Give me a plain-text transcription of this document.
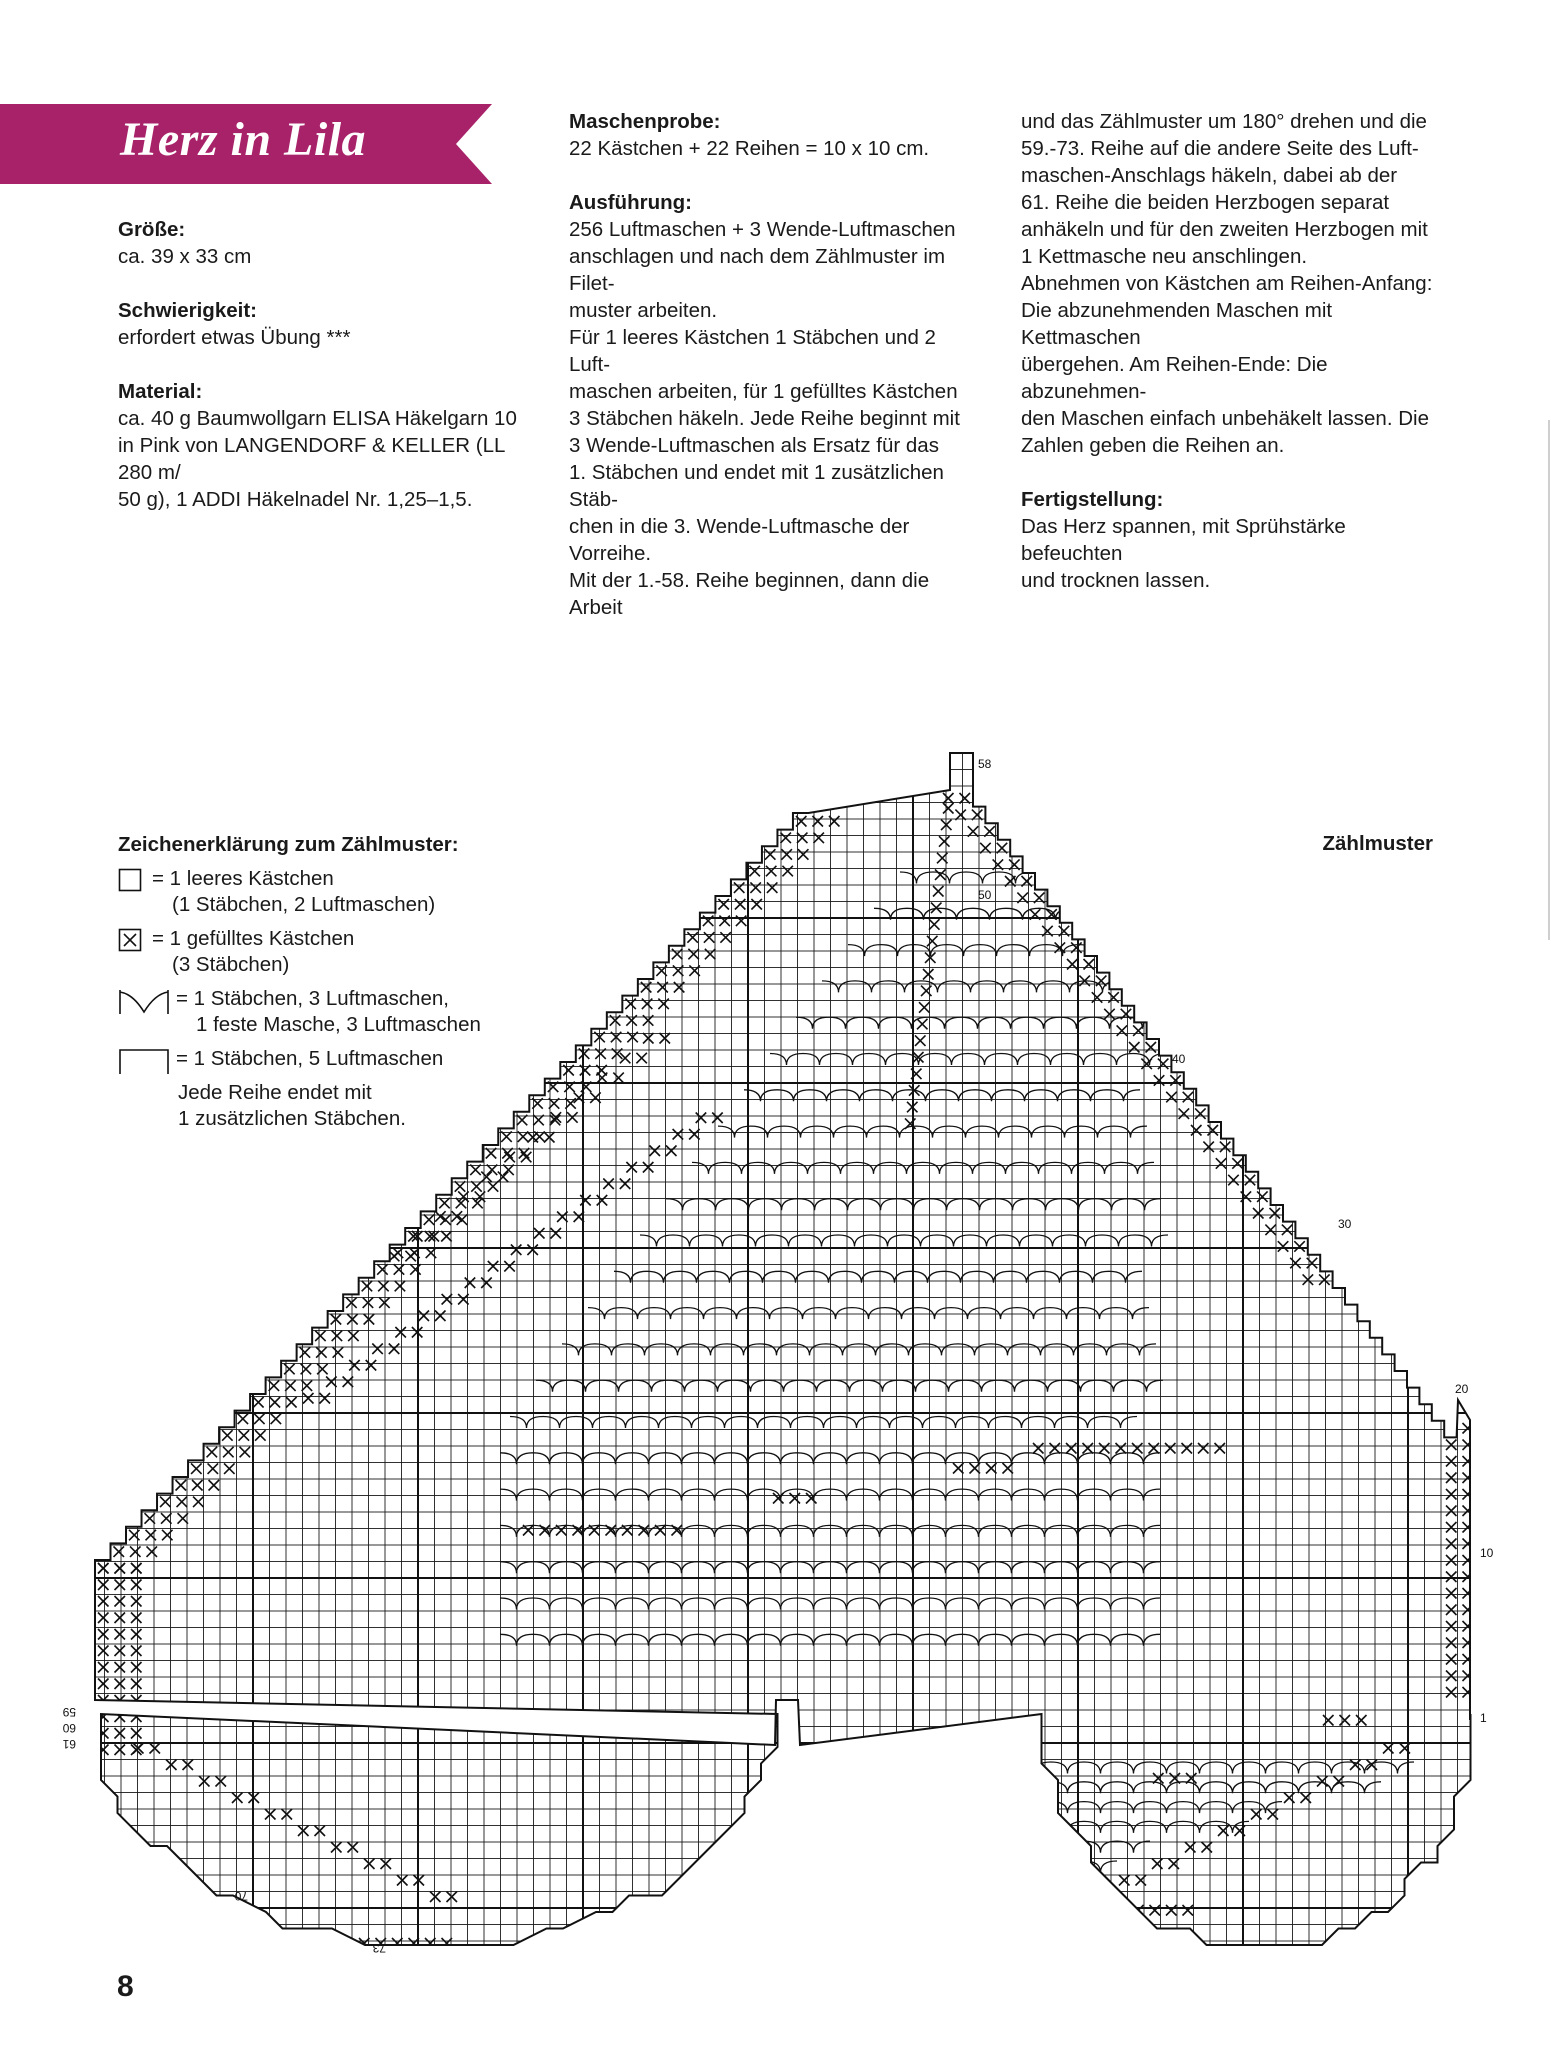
Herz in Lila

Größe:

ca. 39 x 33 cm

Schwierigkeit:

erfordert etwas Übung ***

Material:

ca. 40 g Baumwollgarn ELISA Häkelgarn 10

in Pink von LANGENDORF & KELLER (LL 280 m/

50 g), 1 ADDI Häkelnadel Nr. 1,25–1,5.

Maschenprobe:

22 Kästchen + 22 Reihen = 10 x 10 cm.

Ausführung:

256 Luftmaschen + 3 Wende-Luftmaschen

anschlagen und nach dem Zählmuster im Filet-

muster arbeiten.

Für 1 leeres Kästchen 1 Stäbchen und 2 Luft-

maschen arbeiten, für 1 gefülltes Kästchen

3 Stäbchen häkeln. Jede Reihe beginnt mit

3 Wende-Luftmaschen als Ersatz für das

1. Stäbchen und endet mit 1 zusätzlichen Stäb-

chen in die 3. Wende-Luftmasche der Vorreihe.

Mit der 1.-58. Reihe beginnen, dann die Arbeit

und das Zählmuster um 180° drehen und die

59.-73. Reihe auf die andere Seite des Luft-

maschen-Anschlags häkeln, dabei ab der

61. Reihe die beiden Herzbogen separat

anhäkeln und für den zweiten Herzbogen mit

1 Kettmasche neu anschlingen.

Abnehmen von Kästchen am Reihen-Anfang:

Die abzunehmenden Maschen mit Kettmaschen

übergehen. Am Reihen-Ende: Die abzunehmen-

den Maschen einfach unbehäkelt lassen. Die

Zahlen geben die Reihen an.

Fertigstellung:

Das Herz spannen, mit Sprühstärke befeuchten

und trocknen lassen.

Zeichenerklärung zum Zählmuster:
= 1 leeres Kästchen
(1 Stäbchen, 2 Luftmaschen)
= 1 gefülltes Kästchen
(3 Stäbchen)
= 1 Stäbchen, 3 Luftmaschen,
1 feste Masche, 3 Luftmaschen
= 1 Stäbchen, 5 Luftmaschen
Jede Reihe endet mit
1 zusätzlichen Stäbchen.
Zählmuster
58
50
40
30
20
10
1
59
60
61
70
73
8
